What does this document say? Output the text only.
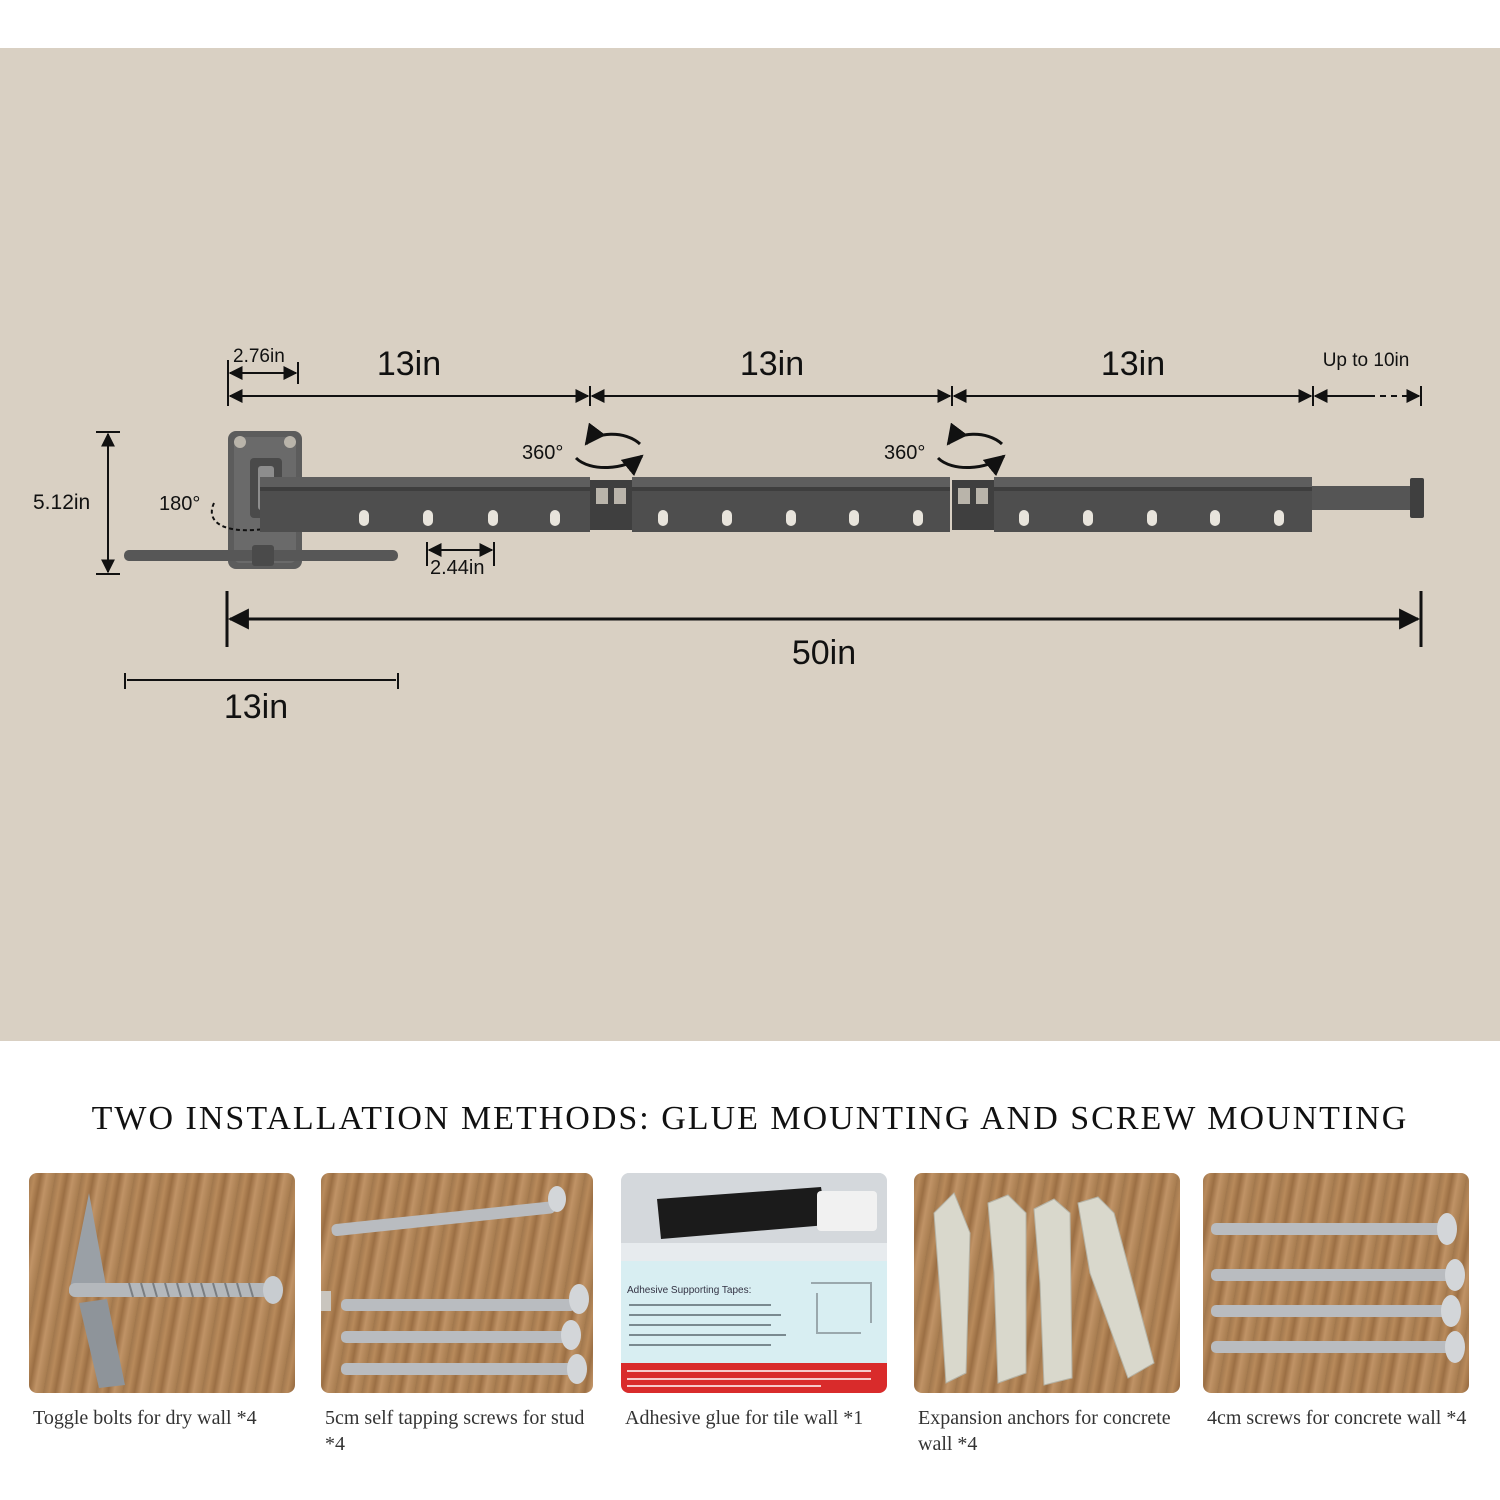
2.76in	13in	13in	13in	Up to 10in
5.12in	180°
360°	360°
2.44in
50in
13in
TWO INSTALLATION METHODS: GLUE MOUNTING AND SCREW MOUNTING
Toggle bolts for dry wall *4	5cm self tapping screws for stud *4
Adhesive Supporting Tapes:
Adhesive glue for tile wall *1	Expansion anchors for concrete wall *4
4cm screws for concrete wall *4
